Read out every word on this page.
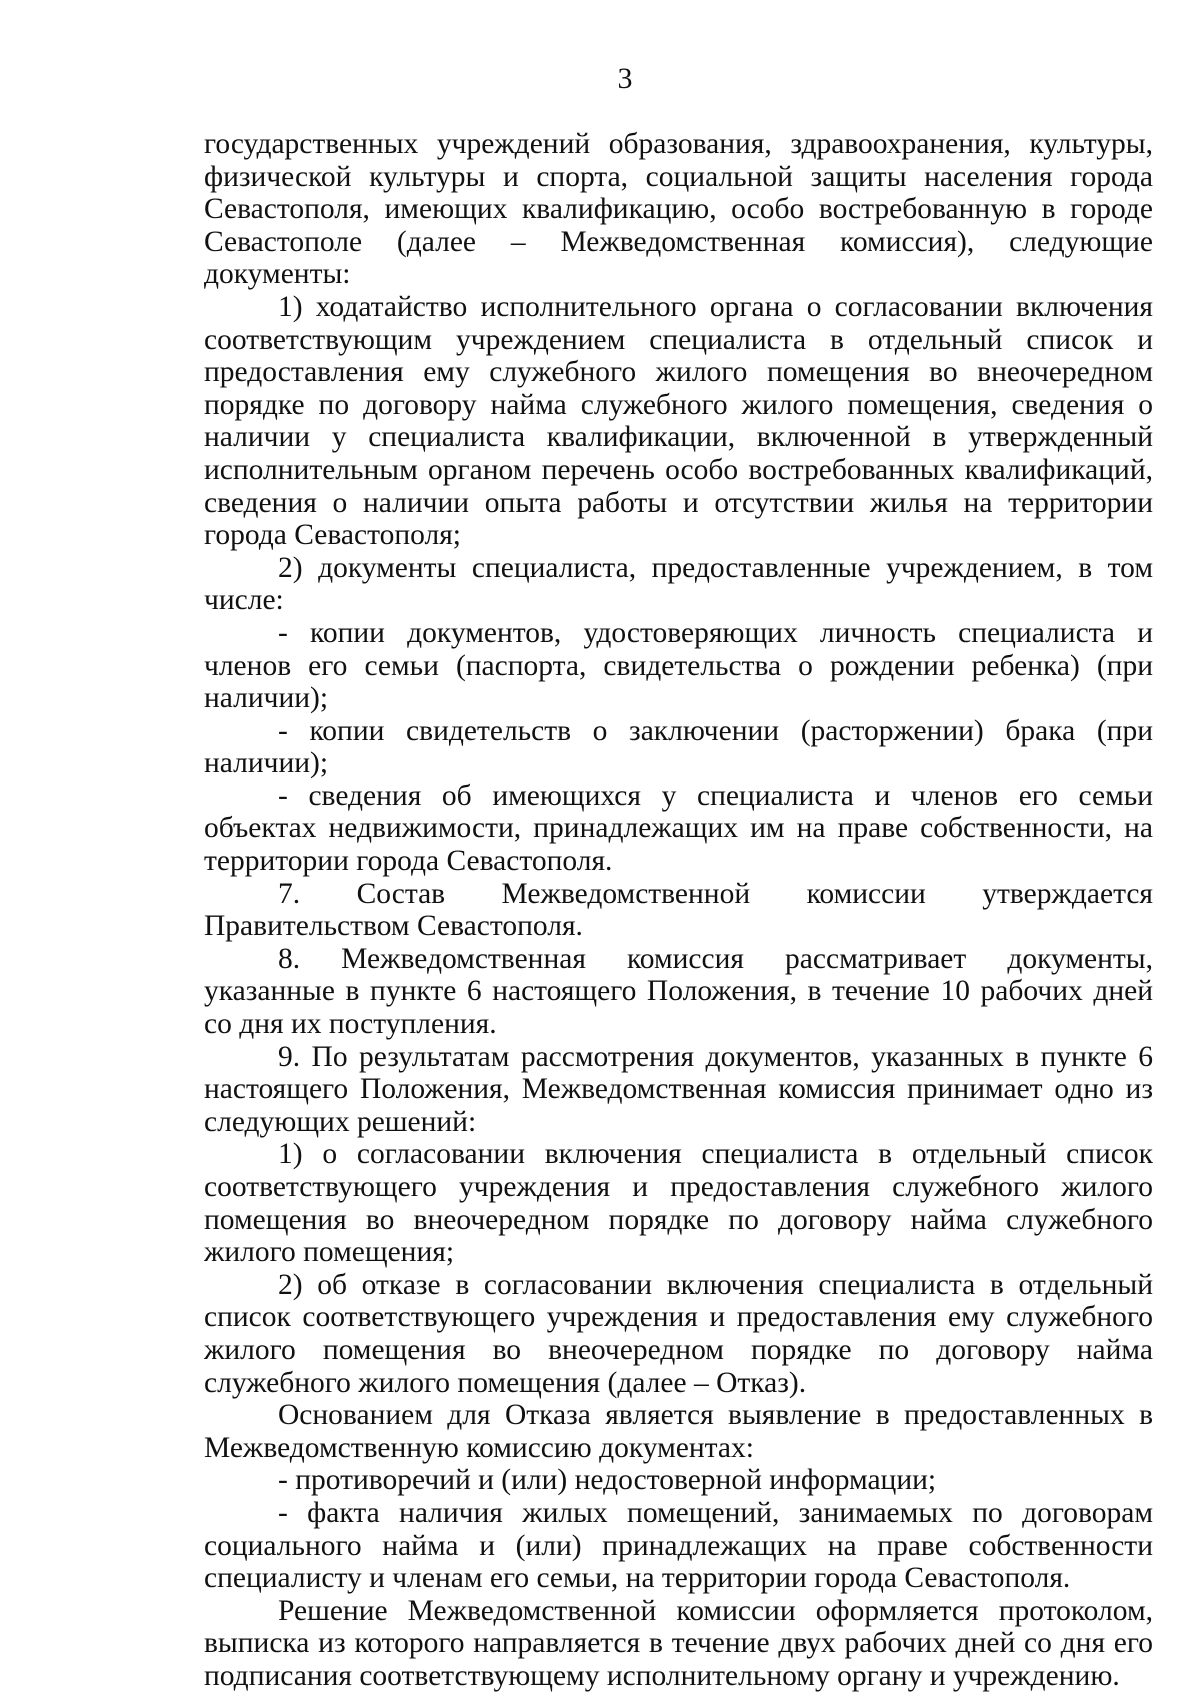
3

государственных учреждений образования, здравоохранения, культуры, физической культуры и спорта, социальной защиты населения города Севастополя, имеющих квалификацию, особо востребованную в городе Севастополе (далее – Межведомственная комиссия), следующие документы:

1) ходатайство исполнительного органа о согласовании включения соответствующим учреждением специалиста в отдельный список и предоставления ему служебного жилого помещения во внеочередном порядке по договору найма служебного жилого помещения, сведения о наличии у специалиста квалификации, включенной в утвержденный исполнительным органом перечень особо востребованных квалификаций, сведения о наличии опыта работы и отсутствии жилья на территории города Севастополя;

2) документы специалиста, предоставленные учреждением, в том числе:

- копии документов, удостоверяющих личность специалиста и членов его семьи (паспорта, свидетельства о рождении ребенка) (при наличии);

- копии свидетельств о заключении (расторжении) брака (при наличии);

- сведения об имеющихся у специалиста и членов его семьи объектах недвижимости, принадлежащих им на праве собственности, на территории города Севастополя.

7. Состав Межведомственной комиссии утверждается Правительством Севастополя.

8. Межведомственная комиссия рассматривает документы, указанные в пункте 6 настоящего Положения, в течение 10 рабочих дней со дня их поступления.

9. По результатам рассмотрения документов, указанных в пункте 6 настоящего Положения, Межведомственная комиссия принимает одно из следующих решений:

1) о согласовании включения специалиста в отдельный список соответствующего учреждения и предоставления служебного жилого помещения во внеочередном порядке по договору найма служебного жилого помещения;

2) об отказе в согласовании включения специалиста в отдельный список соответствующего учреждения и предоставления ему служебного жилого помещения во внеочередном порядке по договору найма служебного жилого помещения (далее – Отказ).

Основанием для Отказа является выявление в предоставленных в Межведомственную комиссию документах:

- противоречий и (или) недостоверной информации;

- факта наличия жилых помещений, занимаемых по договорам социального найма и (или) принадлежащих на праве собственности специалисту и членам его семьи, на территории города Севастополя.

Решение Межведомственной комиссии оформляется протоколом, выписка из которого направляется в течение двух рабочих дней со дня его подписания соответствующему исполнительному органу и учреждению.
